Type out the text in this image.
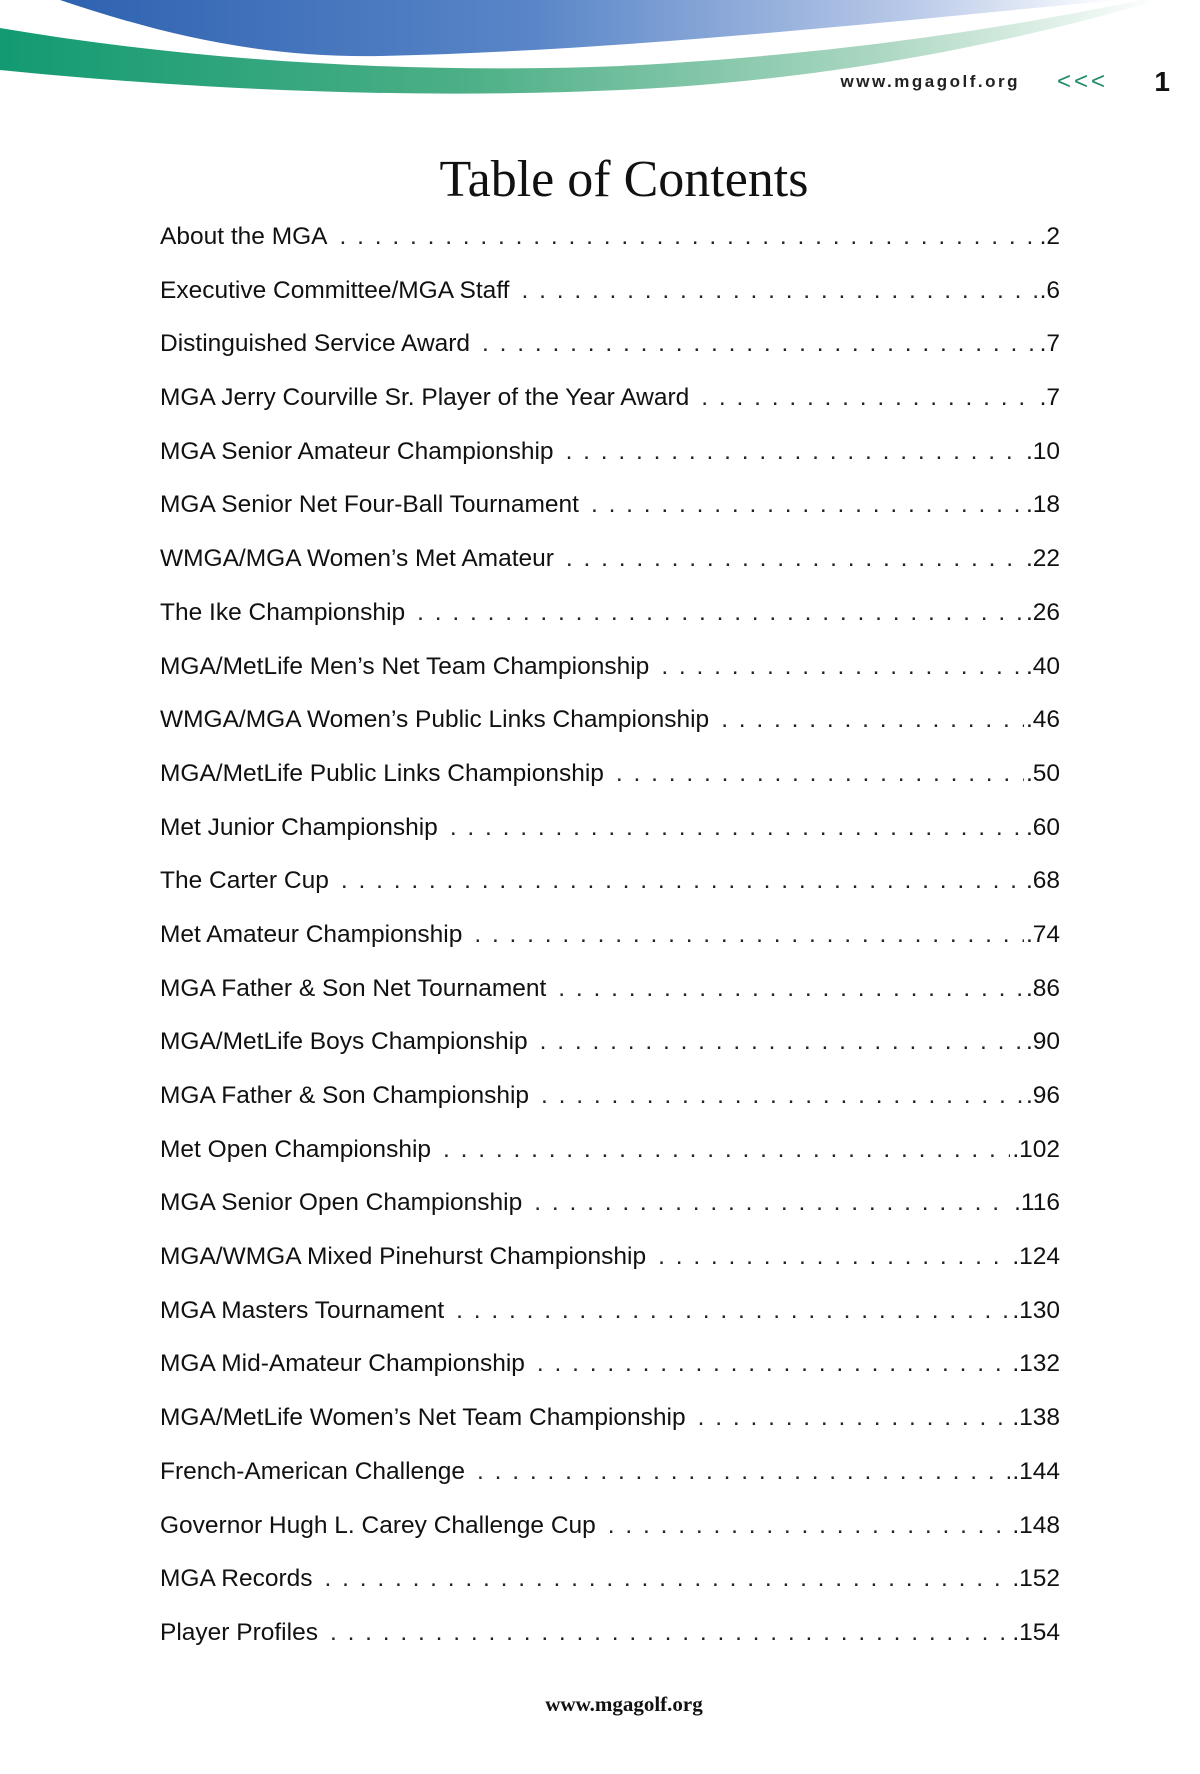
www.mgagolf.org <<< 1
Table of Contents
About the MGA . . .	.2
Executive Committee/MGA Staff . . .	.6
Distinguished Service Award . . .	.7
MGA Jerry Courville Sr. Player of the Year Award . . .	.7
MGA Senior Amateur Championship . . .	.10
MGA Senior Net Four-Ball Tournament . . .	.18
WMGA/MGA Women’s Met Amateur . . .	.22
The Ike Championship . . .	.26
MGA/MetLife Men’s Net Team Championship . . .	.40
WMGA/MGA Women’s Public Links Championship . . .	.46
MGA/MetLife Public Links Championship . . .	.50
Met Junior Championship . . .	.60
The Carter Cup . . .	.68
Met Amateur Championship . . .	.74
MGA Father & Son Net Tournament . . .	.86
MGA/MetLife Boys Championship . . .	.90
MGA Father & Son Championship . . .	.96
Met Open Championship . . .	.102
MGA Senior Open Championship . . .	.116
MGA/WMGA Mixed Pinehurst Championship . . .	.124
MGA Masters Tournament . . .	.130
MGA Mid-Amateur Championship . . .	.132
MGA/MetLife Women’s Net Team Championship . . .	.138
French-American Challenge . . .	.144
Governor Hugh L. Carey Challenge Cup . . .	.148
MGA Records . . .	.152
Player Profiles . . .	.154
www.mgagolf.org
